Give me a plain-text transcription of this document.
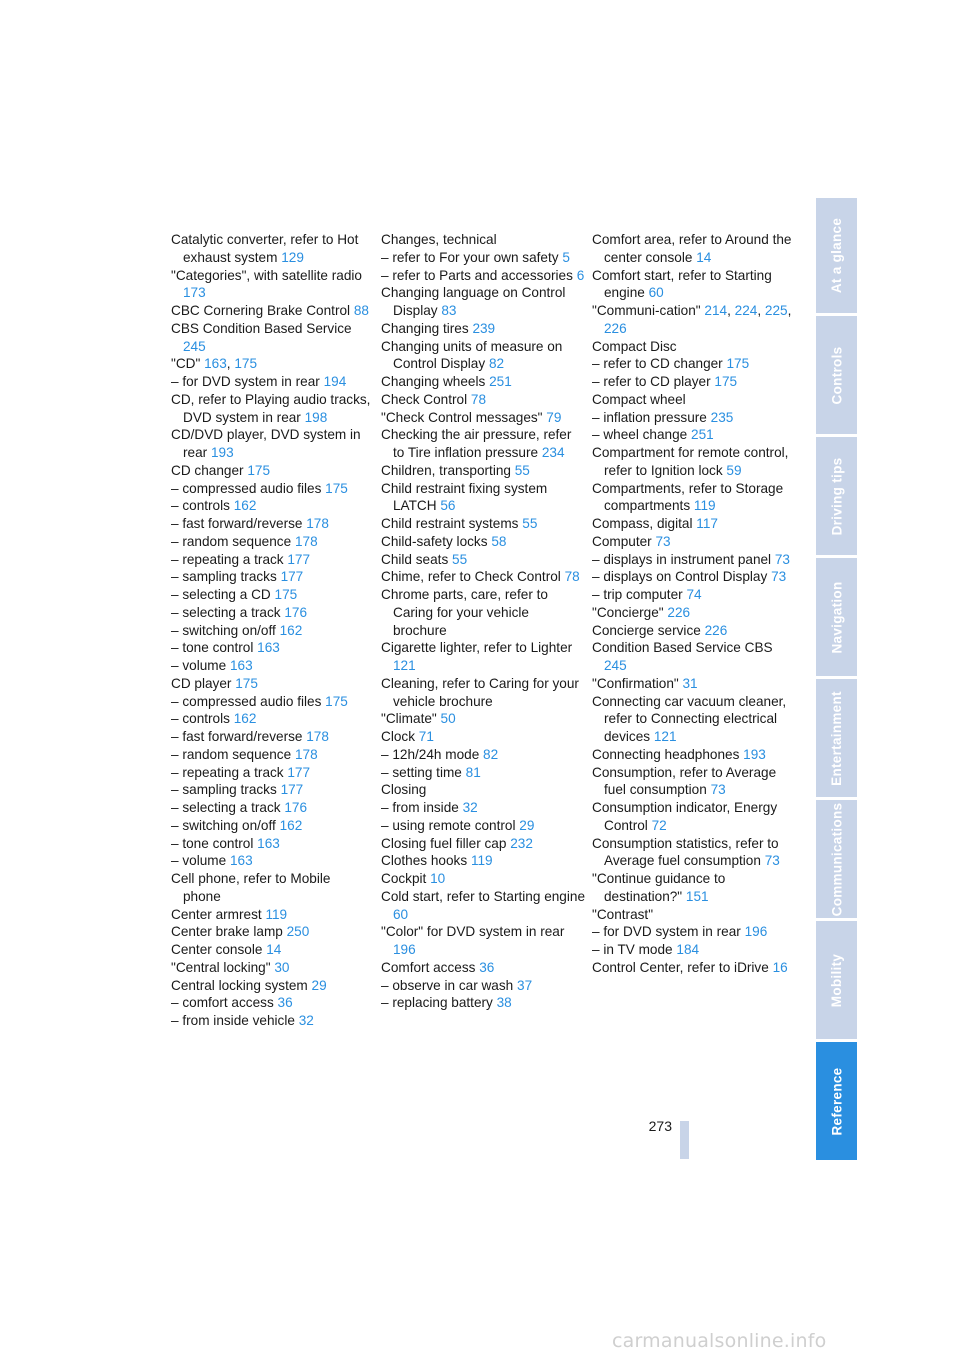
Catalytic converter, refer to Hot exhaust system 129
"Categories", with satellite radio 173
CBC Cornering Brake Control 88
CBS Condition Based Service 245
"CD" 163, 175
– for DVD system in rear 194
CD, refer to Playing audio tracks, DVD system in rear 198
CD/DVD player, DVD system in rear 193
CD changer 175
– compressed audio files 175
– controls 162
– fast forward/reverse 178
– random sequence 178
– repeating a track 177
– sampling tracks 177
– selecting a CD 175
– selecting a track 176
– switching on/off 162
– tone control 163
– volume 163
CD player 175
– compressed audio files 175
– controls 162
– fast forward/reverse 178
– random sequence 178
– repeating a track 177
– sampling tracks 177
– selecting a track 176
– switching on/off 162
– tone control 163
– volume 163
Cell phone, refer to Mobile phone
Center armrest 119
Center brake lamp 250
Center console 14
"Central locking" 30
Central locking system 29
– comfort access 36
– from inside vehicle 32
Changes, technical
– refer to For your own safety 5
– refer to Parts and accessories 6
Changing language on Control Display 83
Changing tires 239
Changing units of measure on Control Display 82
Changing wheels 251
Check Control 78
"Check Control messages" 79
Checking the air pressure, refer to Tire inflation pressure 234
Children, transporting 55
Child restraint fixing system LATCH 56
Child restraint systems 55
Child-safety locks 58
Child seats 55
Chime, refer to Check Control 78
Chrome parts, care, refer to Caring for your vehicle brochure
Cigarette lighter, refer to Lighter 121
Cleaning, refer to Caring for your vehicle brochure
"Climate" 50
Clock 71
– 12h/24h mode 82
– setting time 81
Closing
– from inside 32
– using remote control 29
Closing fuel filler cap 232
Clothes hooks 119
Cockpit 10
Cold start, refer to Starting engine 60
"Color" for DVD system in rear 196
Comfort access 36
– observe in car wash 37
– replacing battery 38
Comfort area, refer to Around the center console 14
Comfort start, refer to Starting engine 60
"Communi-cation" 214, 224, 225, 226
Compact Disc
– refer to CD changer 175
– refer to CD player 175
Compact wheel
– inflation pressure 235
– wheel change 251
Compartment for remote control, refer to Ignition lock 59
Compartments, refer to Storage compartments 119
Compass, digital 117
Computer 73
– displays in instrument panel 73
– displays on Control Display 73
– trip computer 74
"Concierge" 226
Concierge service 226
Condition Based Service CBS 245
"Confirmation" 31
Connecting car vacuum cleaner, refer to Connecting electrical devices 121
Connecting headphones 193
Consumption, refer to Average fuel consumption 73
Consumption indicator, Energy Control 72
Consumption statistics, refer to Average fuel consumption 73
"Continue guidance to destination?" 151
"Contrast"
– for DVD system in rear 196
– in TV mode 184
Control Center, refer to iDrive 16
At a glance
Controls
Driving tips
Navigation
Entertainment
Communications
Mobility
Reference
273
carmanualsonline.info
